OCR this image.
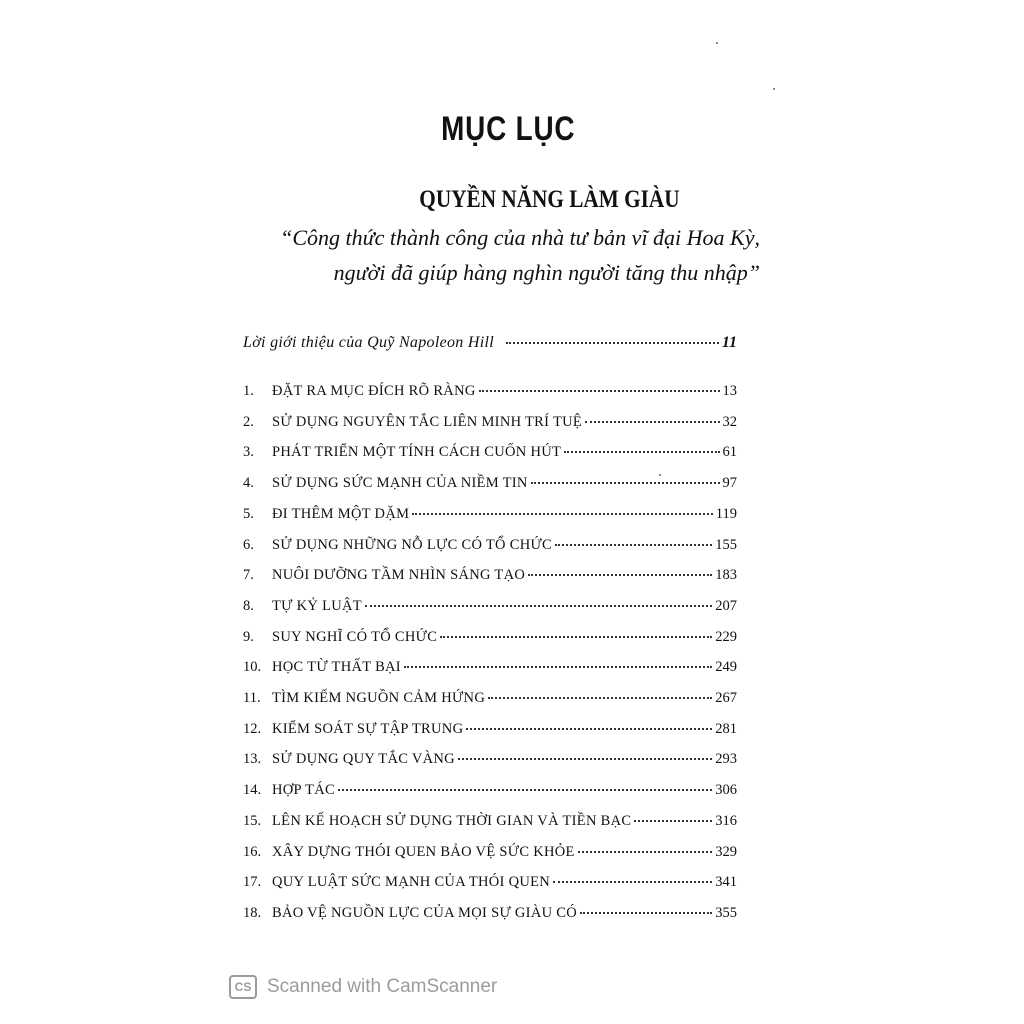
MỤC LỤC
QUYỀN NĂNG LÀM GIÀU
“Công thức thành công của nhà tư bản vĩ đại Hoa Kỳ,
người đã giúp hàng nghìn người tăng thu nhập”
Lời giới thiệu của Quỹ Napoleon Hill	11
1.	ĐẶT RA MỤC ĐÍCH RÕ RÀNG	13
2.	SỬ DỤNG NGUYÊN TẮC LIÊN MINH TRÍ TUỆ	32
3.	PHÁT TRIỂN MỘT TÍNH CÁCH CUỐN HÚT	61
4.	SỬ DỤNG SỨC MẠNH CỦA NIỀM TIN	97
5.	ĐI THÊM MỘT DẶM	119
6.	SỬ DỤNG NHỮNG NỖ LỰC CÓ TỔ CHỨC	155
7.	NUÔI DƯỠNG TẦM NHÌN SÁNG TẠO	183
8.	TỰ KỶ LUẬT	207
9.	SUY NGHĨ CÓ TỔ CHỨC	229
10. HỌC TỪ THẤT BẠI	249
11. TÌM KIẾM NGUỒN CẢM HỨNG	267
12. KIỂM SOÁT SỰ TẬP TRUNG	281
13. SỬ DỤNG QUY TẮC VÀNG	293
14. HỢP TÁC	306
15. LÊN KẾ HOẠCH SỬ DỤNG THỜI GIAN VÀ TIỀN BẠC	316
16. XÂY DỰNG THÓI QUEN BẢO VỆ SỨC KHỎE	329
17. QUY LUẬT SỨC MẠNH CỦA THÓI QUEN	341
18. BẢO VỆ NGUỒN LỰC CỦA MỌI SỰ GIÀU CÓ	355
CS Scanned with CamScanner
